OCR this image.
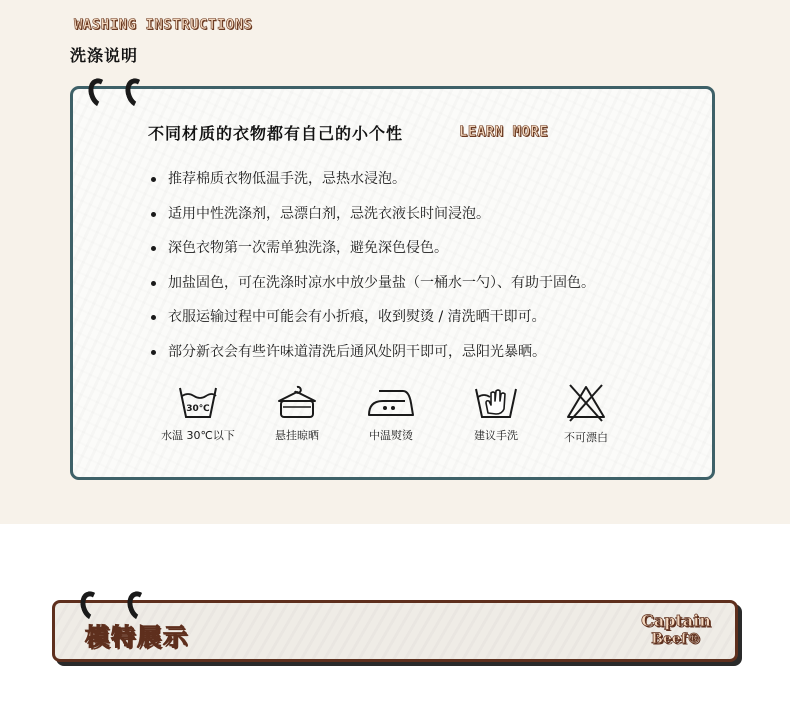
WASHING INSTRUCTIONS
洗涤说明
不同材质的衣物都有自己的小个性	LEARN MORE
推荐棉质衣物低温手洗，忌热水浸泡。
适用中性洗涤剂，忌漂白剂，忌洗衣液长时间浸泡。
深色衣物第一次需单独洗涤，避免深色侵色。
加盐固色，可在洗涤时凉水中放少量盐（一桶水一勺）、有助于固色。
衣服运输过程中可能会有小折痕，收到熨烫 / 清洗晒干即可。
部分新衣会有些许味道清洗后通风处阴干即可，忌阳光暴晒。
30℃
水温 30℃以下	悬挂晾晒	中温熨烫	建议手洗	不可漂白
模特展示
Captain
Beef®
